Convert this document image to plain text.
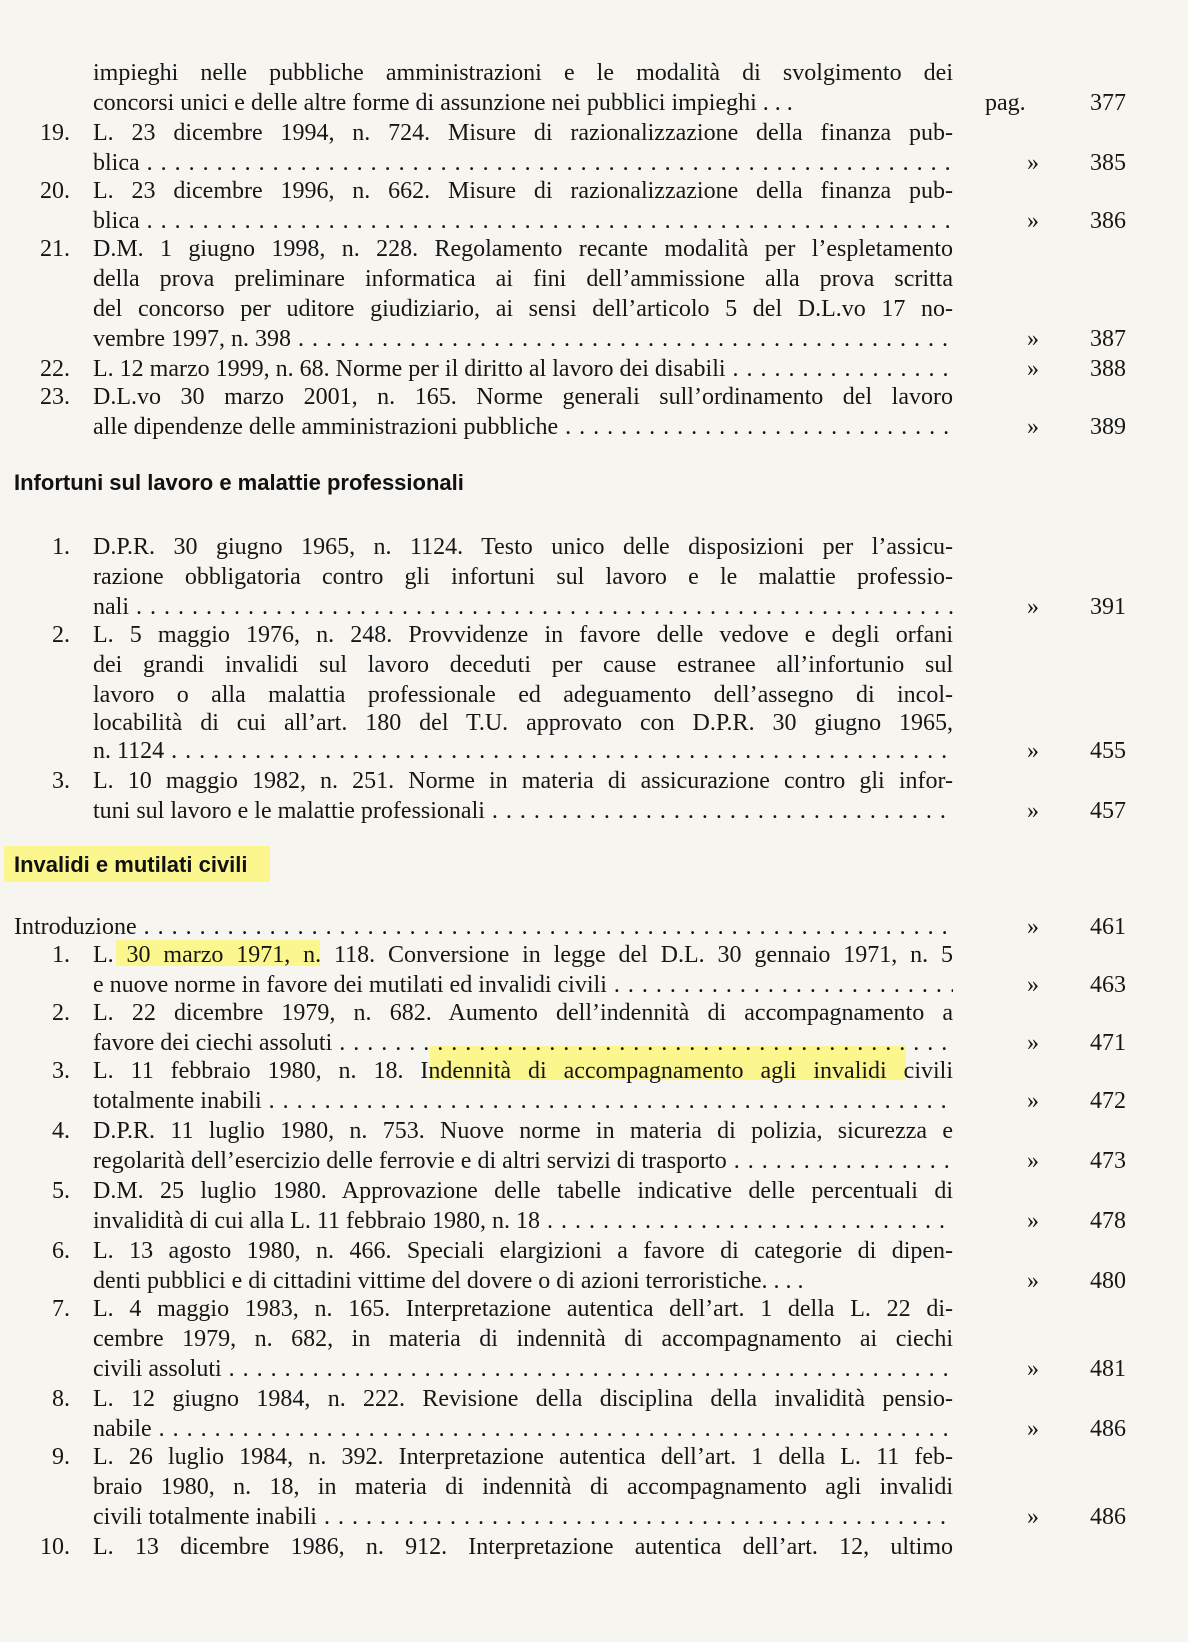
impieghi nelle pubbliche amministrazioni e le modalità di svolgimento dei
concorsi unici e delle altre forme di assunzione nei pubblici impieghi . . .	pag.	377
19. L. 23 dicembre 1994, n. 724. Misure di razionalizzazione della finanza pub-
blica . . .	»	385
20. L. 23 dicembre 1996, n. 662. Misure di razionalizzazione della finanza pub-
blica . . .	»	386
21. D.M. 1 giugno 1998, n. 228. Regolamento recante modalità per l’espletamento
della prova preliminare informatica ai fini dell’ammissione alla prova scritta
del concorso per uditore giudiziario, ai sensi dell’articolo 5 del D.L.vo 17 no-
vembre 1997, n. 398 . . .	»	387
22. L. 12 marzo 1999, n. 68. Norme per il diritto al lavoro dei disabili . . .	»	388
23. D.L.vo 30 marzo 2001, n. 165. Norme generali sull’ordinamento del lavoro
alle dipendenze delle amministrazioni pubbliche . . .	»	389
Infortuni sul lavoro e malattie professionali
1. D.P.R. 30 giugno 1965, n. 1124. Testo unico delle disposizioni per l’assicu-
razione obbligatoria contro gli infortuni sul lavoro e le malattie professio-
nali . . .	»	391
2. L. 5 maggio 1976, n. 248. Provvidenze in favore delle vedove e degli orfani
dei grandi invalidi sul lavoro deceduti per cause estranee all’infortunio sul
lavoro o alla malattia professionale ed adeguamento dell’assegno di incol-
locabilità di cui all’art. 180 del T.U. approvato con D.P.R. 30 giugno 1965,
n. 1124 . . .	»	455
3. L. 10 maggio 1982, n. 251. Norme in materia di assicurazione contro gli infor-
tuni sul lavoro e le malattie professionali . . .	»	457
Invalidi e mutilati civili
Introduzione . . .	»	461
1. L. 30 marzo 1971, n. 118. Conversione in legge del D.L. 30 gennaio 1971, n. 5
e nuove norme in favore dei mutilati ed invalidi civili . . .	»	463
2. L. 22 dicembre 1979, n. 682. Aumento dell’indennità di accompagnamento a
favore dei ciechi assoluti . . .	»	471
3. L. 11 febbraio 1980, n. 18. Indennità di accompagnamento agli invalidi civili
totalmente inabili . . .	»	472
4. D.P.R. 11 luglio 1980, n. 753. Nuove norme in materia di polizia, sicurezza e
regolarità dell’esercizio delle ferrovie e di altri servizi di trasporto . . .	»	473
5. D.M. 25 luglio 1980. Approvazione delle tabelle indicative delle percentuali di
invalidità di cui alla L. 11 febbraio 1980, n. 18 . . .	»	478
6. L. 13 agosto 1980, n. 466. Speciali elargizioni a favore di categorie di dipen-
denti pubblici e di cittadini vittime del dovere o di azioni terroristiche. . . .	»	480
7. L. 4 maggio 1983, n. 165. Interpretazione autentica dell’art. 1 della L. 22 di-
cembre 1979, n. 682, in materia di indennità di accompagnamento ai ciechi
civili assoluti . . .	»	481
8. L. 12 giugno 1984, n. 222. Revisione della disciplina della invalidità pensio-
nabile . . .	»	486
9. L. 26 luglio 1984, n. 392. Interpretazione autentica dell’art. 1 della L. 11 feb-
braio 1980, n. 18, in materia di indennità di accompagnamento agli invalidi
civili totalmente inabili . . .	»	486
10. L. 13 dicembre 1986, n. 912. Interpretazione autentica dell’art. 12, ultimo
